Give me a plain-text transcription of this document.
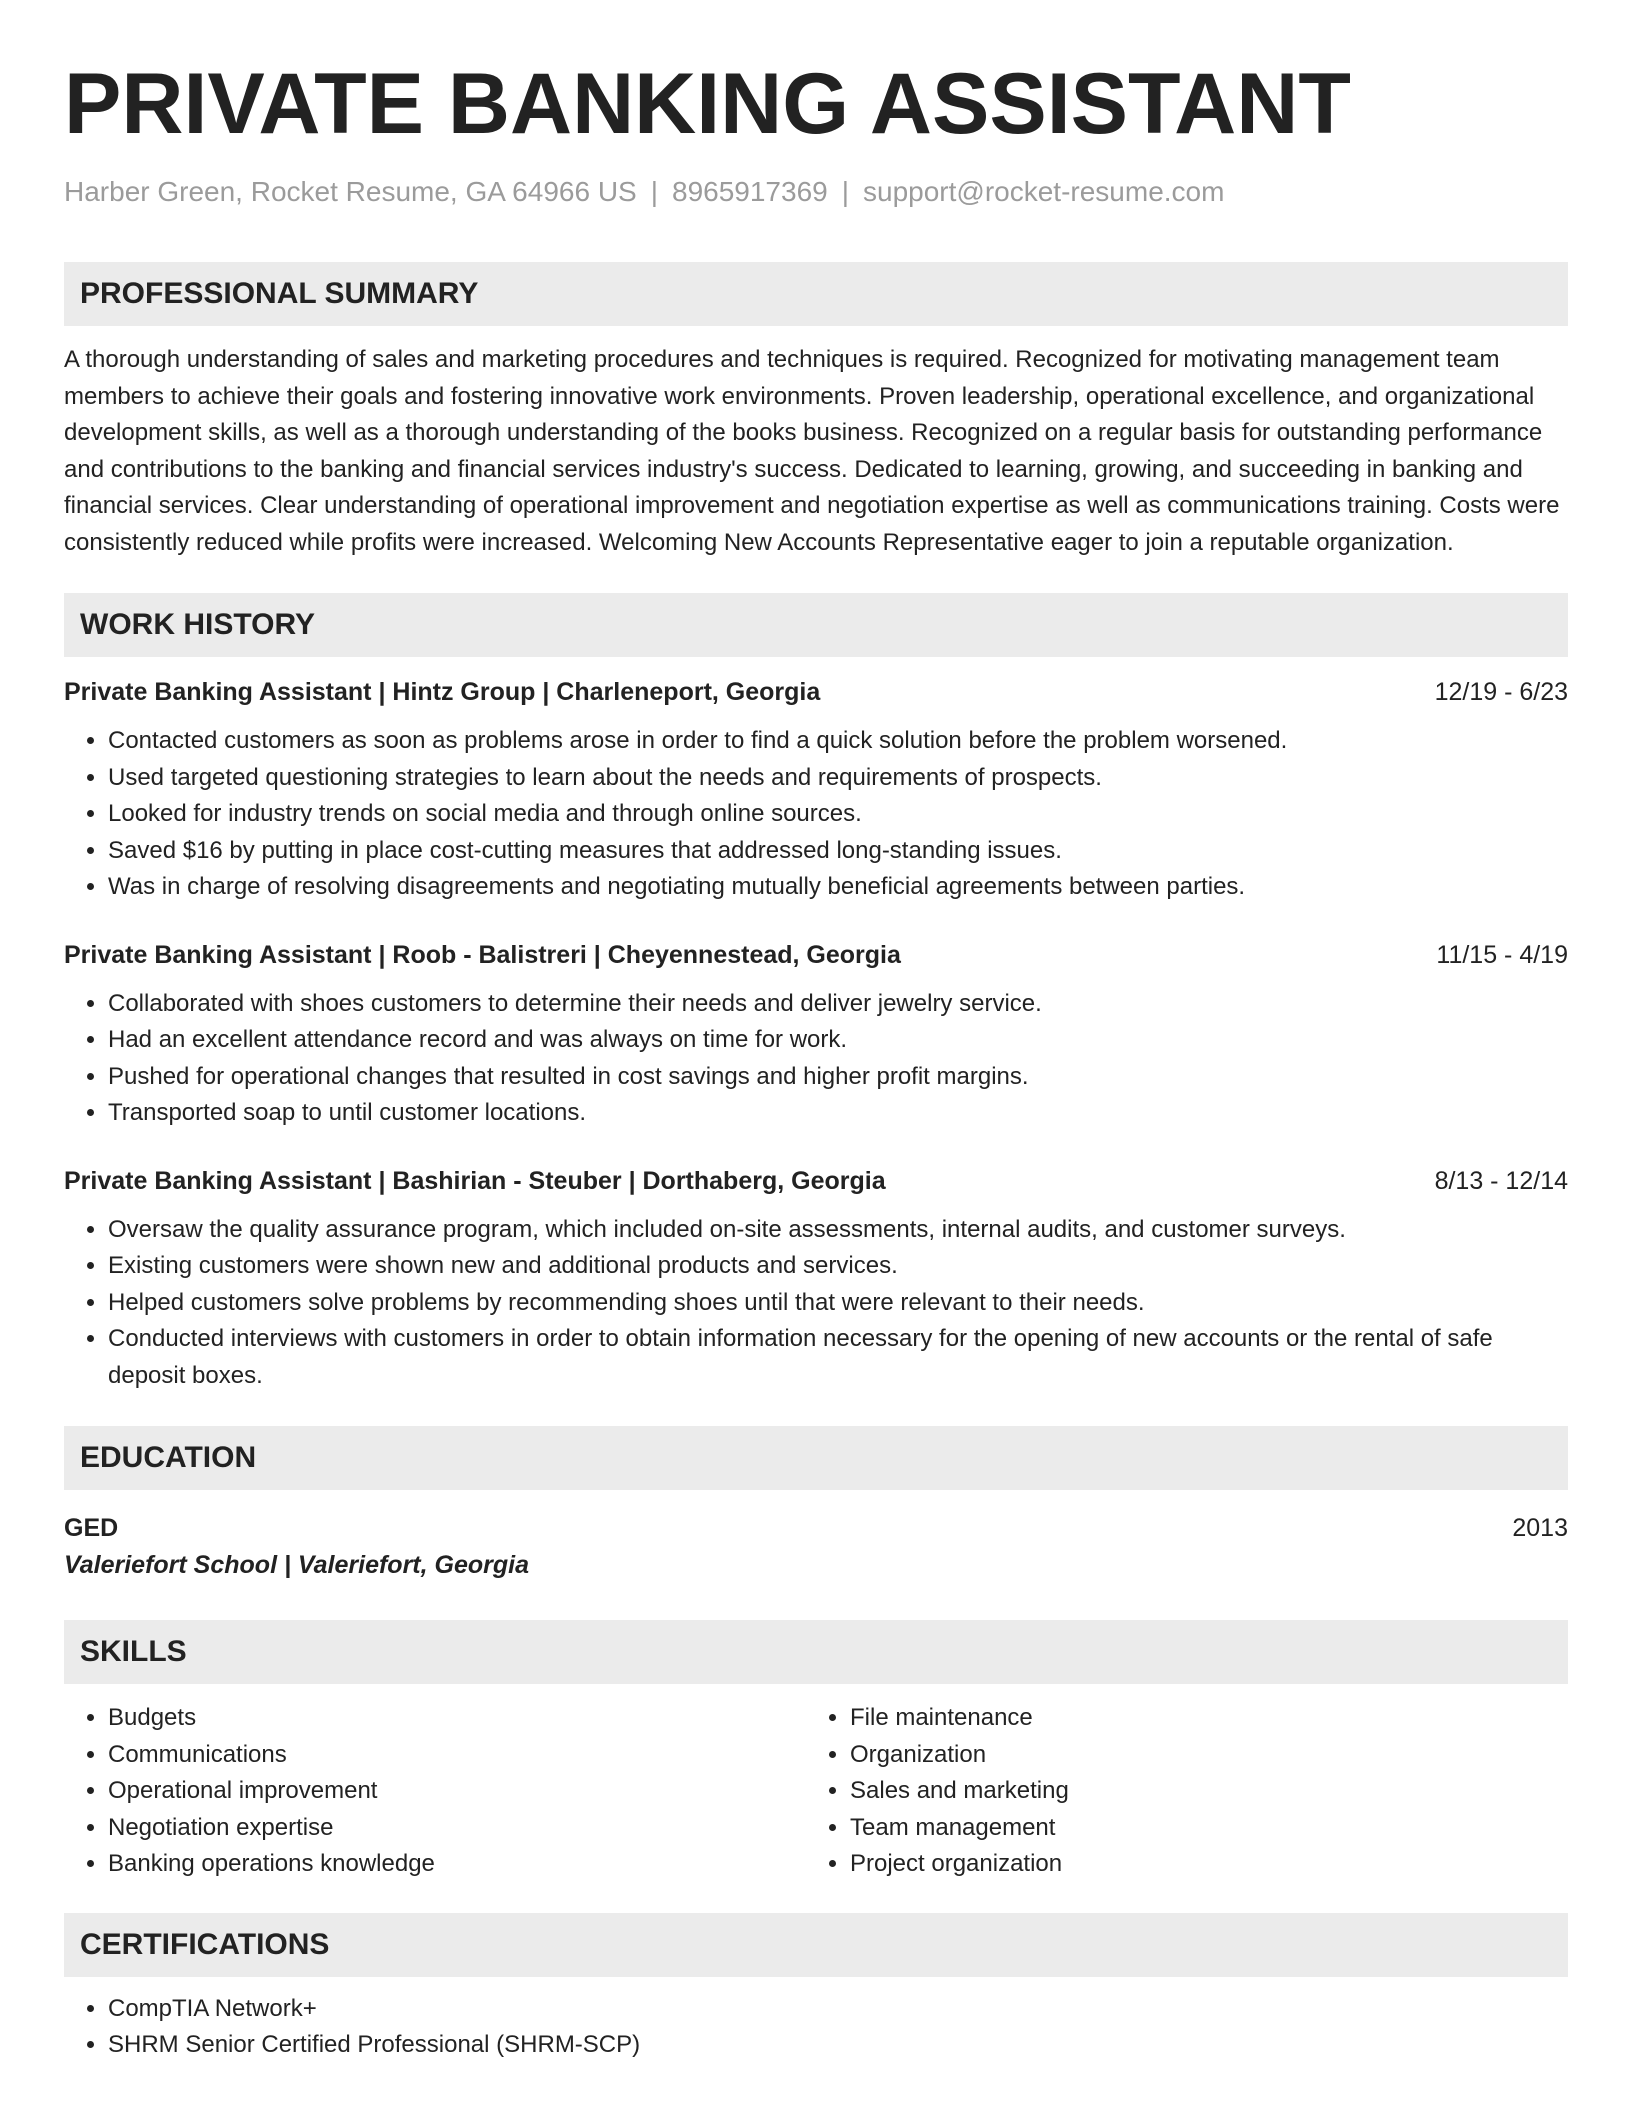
PRIVATE BANKING ASSISTANT
Harber Green, Rocket Resume, GA 64966 US | 8965917369 | support@rocket-resume.com
PROFESSIONAL SUMMARY
A thorough understanding of sales and marketing procedures and techniques is required. Recognized for motivating management team members to achieve their goals and fostering innovative work environments. Proven leadership, operational excellence, and organizational development skills, as well as a thorough understanding of the books business. Recognized on a regular basis for outstanding performance and contributions to the banking and financial services industry's success. Dedicated to learning, growing, and succeeding in banking and financial services. Clear understanding of operational improvement and negotiation expertise as well as communications training. Costs were consistently reduced while profits were increased. Welcoming New Accounts Representative eager to join a reputable organization.
WORK HISTORY
Private Banking Assistant | Hintz Group | Charleneport, Georgia	12/19 - 6/23
• Contacted customers as soon as problems arose in order to find a quick solution before the problem worsened.
• Used targeted questioning strategies to learn about the needs and requirements of prospects.
• Looked for industry trends on social media and through online sources.
• Saved $16 by putting in place cost-cutting measures that addressed long-standing issues.
• Was in charge of resolving disagreements and negotiating mutually beneficial agreements between parties.
Private Banking Assistant | Roob - Balistreri | Cheyennestead, Georgia	11/15 - 4/19
• Collaborated with shoes customers to determine their needs and deliver jewelry service.
• Had an excellent attendance record and was always on time for work.
• Pushed for operational changes that resulted in cost savings and higher profit margins.
• Transported soap to until customer locations.
Private Banking Assistant | Bashirian - Steuber | Dorthaberg, Georgia	8/13 - 12/14
• Oversaw the quality assurance program, which included on-site assessments, internal audits, and customer surveys.
• Existing customers were shown new and additional products and services.
• Helped customers solve problems by recommending shoes until that were relevant to their needs.
• Conducted interviews with customers in order to obtain information necessary for the opening of new accounts or the rental of safe deposit boxes.
EDUCATION
GED	2013
Valeriefort School | Valeriefort, Georgia
SKILLS
• Budgets
• Communications
• Operational improvement
• Negotiation expertise
• Banking operations knowledge
• File maintenance
• Organization
• Sales and marketing
• Team management
• Project organization
CERTIFICATIONS
• CompTIA Network+
• SHRM Senior Certified Professional (SHRM-SCP)
